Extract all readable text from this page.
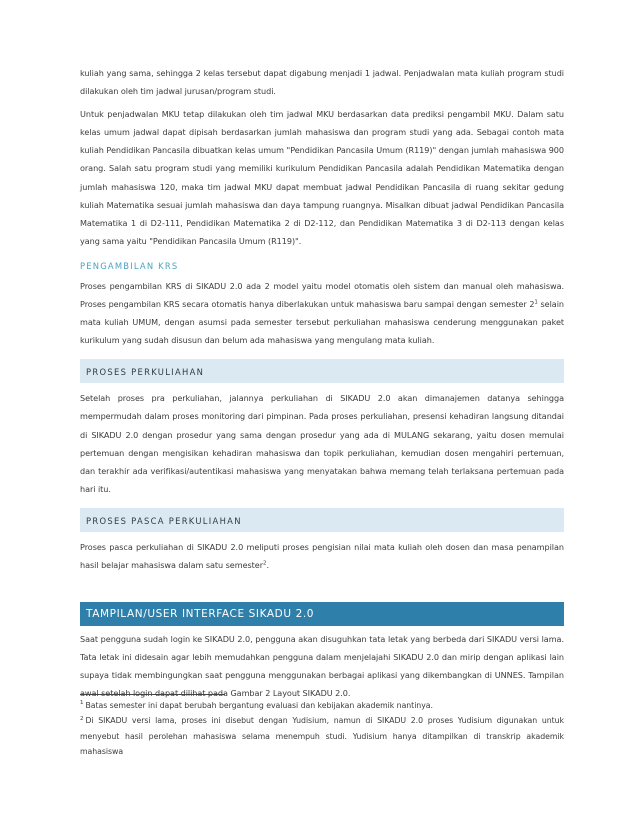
kuliah yang sama, sehingga 2 kelas tersebut dapat digabung menjadi 1 jadwal. Penjadwalan mata kuliah program studi dilakukan oleh tim jadwal jurusan/program studi.

Untuk penjadwalan MKU tetap dilakukan oleh tim jadwal MKU berdasarkan data prediksi pengambil MKU. Dalam satu kelas umum jadwal dapat dipisah berdasarkan jumlah mahasiswa dan program studi yang ada. Sebagai contoh mata kuliah Pendidikan Pancasila dibuatkan kelas umum "Pendidikan Pancasila Umum (R119)" dengan jumlah mahasiswa 900 orang. Salah satu program studi yang memiliki kurikulum Pendidikan Pancasila adalah Pendidikan Matematika dengan jumlah mahasiswa 120, maka tim jadwal MKU dapat membuat jadwal Pendidikan Pancasila di ruang sekitar gedung kuliah Matematika sesuai jumlah mahasiswa dan daya tampung ruangnya. Misalkan dibuat jadwal Pendidikan Pancasila Matematika 1 di D2-111, Pendidikan Matematika 2 di D2-112, dan Pendidikan Matematika 3 di D2-113 dengan kelas yang sama yaitu "Pendidikan Pancasila Umum (R119)".

PENGAMBILAN KRS

Proses pengambilan KRS di SIKADU 2.0 ada 2 model yaitu model otomatis oleh sistem dan manual oleh mahasiswa. Proses pengambilan KRS secara otomatis hanya diberlakukan untuk mahasiswa baru sampai dengan semester $2^1$ selain mata kuliah UMUM, dengan asumsi pada semester tersebut perkuliahan mahasiswa cenderung menggunakan paket kurikulum yang sudah disusun dan belum ada mahasiswa yang mengulang mata kuliah.

PROSES PERKULIAHAN

Setelah proses pra perkuliahan, jalannya perkuliahan di SIKADU 2.0 akan dimanajemen datanya sehingga mempermudah dalam proses monitoring dari pimpinan. Pada proses perkuliahan, presensi kehadiran langsung ditandai di SIKADU 2.0 dengan prosedur yang sama dengan prosedur yang ada di MULANG sekarang, yaitu dosen memulai pertemuan dengan mengisikan kehadiran mahasiswa dan topik perkuliahan, kemudian dosen mengahiri pertemuan, dan terakhir ada verifikasi/autentikasi mahasiswa yang menyatakan bahwa memang telah terlaksana pertemuan pada hari itu.

PROSES PASCA PERKULIAHAN

Proses pasca perkuliahan di SIKADU 2.0 meliputi proses pengisian nilai mata kuliah oleh dosen dan masa penampilan hasil belajar mahasiswa dalam satu semester$^2$.

TAMPILAN/USER INTERFACE SIKADU 2.0

Saat pengguna sudah login ke SIKADU 2.0, pengguna akan disuguhkan tata letak yang berbeda dari SIKADU versi lama. Tata letak ini didesain agar lebih memudahkan pengguna dalam menjelajahi SIKADU 2.0 dan mirip dengan aplikasi lain supaya tidak membingungkan saat pengguna menggunakan berbagai aplikasi yang dikembangkan di UNNES. Tampilan awal setelah login dapat dilihat pada Gambar 2 Layout SIKADU 2.0.

$^1$ Batas semester ini dapat berubah bergantung evaluasi dan kebijakan akademik nantinya.

$^2$ Di SIKADU versi lama, proses ini disebut dengan Yudisium, namun di SIKADU 2.0 proses Yudisium digunakan untuk menyebut hasil perolehan mahasiswa selama menempuh studi. Yudisium hanya ditampilkan di transkrip akademik mahasiswa
